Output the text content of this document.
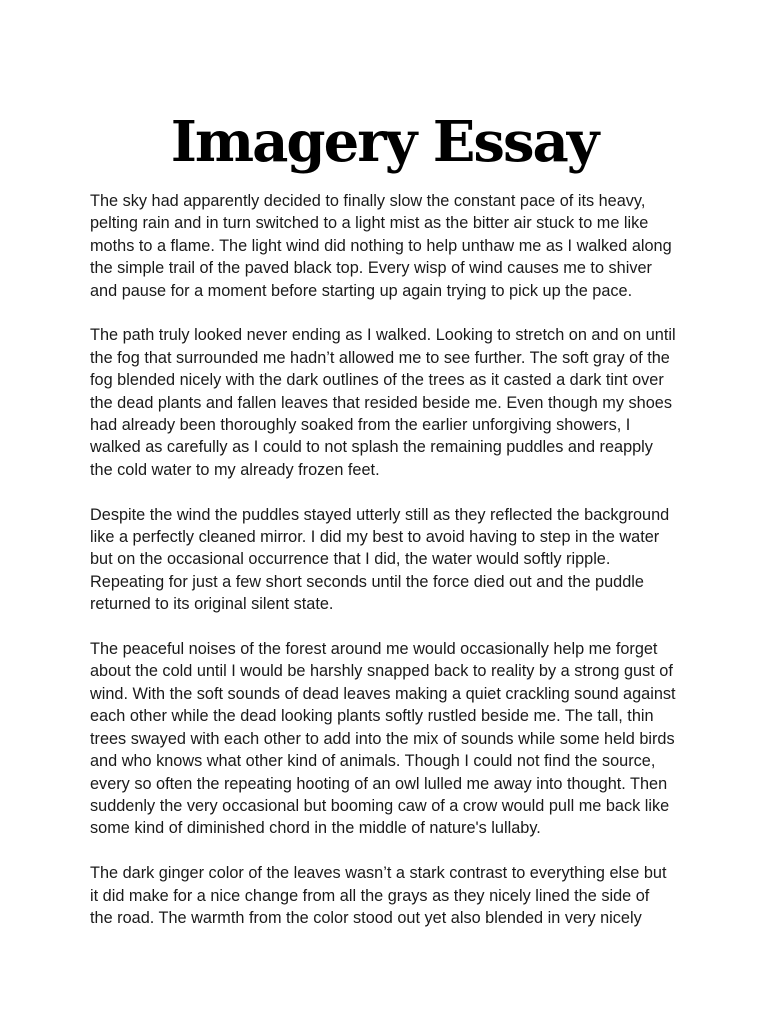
Imagery Essay

The sky had apparently decided to finally slow the constant pace of its heavy,
pelting rain and in turn switched to a light mist as the bitter air stuck to me like
moths to a flame. The light wind did nothing to help unthaw me as I walked along
the simple trail of the paved black top. Every wisp of wind causes me to shiver
and pause for a moment before starting up again trying to pick up the pace.

The path truly looked never ending as I walked. Looking to stretch on and on until
the fog that surrounded me hadn’t allowed me to see further. The soft gray of the
fog blended nicely with the dark outlines of the trees as it casted a dark tint over
the dead plants and fallen leaves that resided beside me. Even though my shoes
had already been thoroughly soaked from the earlier unforgiving showers, I
walked as carefully as I could to not splash the remaining puddles and reapply
the cold water to my already frozen feet.

Despite the wind the puddles stayed utterly still as they reflected the background
like a perfectly cleaned mirror. I did my best to avoid having to step in the water
but on the occasional occurrence that I did, the water would softly ripple.
Repeating for just a few short seconds until the force died out and the puddle
returned to its original silent state.

The peaceful noises of the forest around me would occasionally help me forget
about the cold until I would be harshly snapped back to reality by a strong gust of
wind. With the soft sounds of dead leaves making a quiet crackling sound against
each other while the dead looking plants softly rustled beside me. The tall, thin
trees swayed with each other to add into the mix of sounds while some held birds
and who knows what other kind of animals. Though I could not find the source,
every so often the repeating hooting of an owl lulled me away into thought. Then
suddenly the very occasional but booming caw of a crow would pull me back like
some kind of diminished chord in the middle of nature's lullaby.

The dark ginger color of the leaves wasn’t a stark contrast to everything else but
it did make for a nice change from all the grays as they nicely lined the side of
the road. The warmth from the color stood out yet also blended in very nicely
